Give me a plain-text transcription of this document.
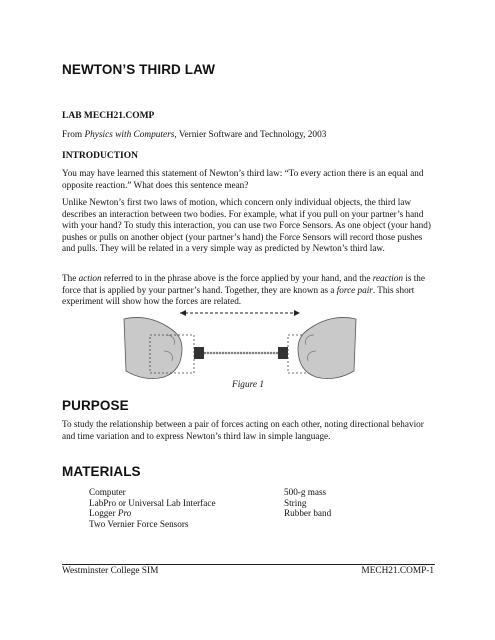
NEWTON’S THIRD LAW
LAB MECH21.COMP
From Physics with Computers, Vernier Software and Technology, 2003
INTRODUCTION
You may have learned this statement of Newton’s third law: “To every action there is an equal and opposite reaction.” What does this sentence mean?
Unlike Newton’s first two laws of motion, which concern only individual objects, the third law describes an interaction between two bodies. For example, what if you pull on your partner’s hand with your hand? To study this interaction, you can use two Force Sensors. As one object (your hand) pushes or pulls on another object (your partner’s hand) the Force Sensors will record those pushes and pulls. They will be related in a very simple way as predicted by Newton’s third law.
The action referred to in the phrase above is the force applied by your hand, and the reaction is the force that is applied by your partner’s hand. Together, they are known as a force pair. This short experiment will show how the forces are related.
Figure 1
PURPOSE
To study the relationship between a pair of forces acting on each other, noting directional behavior and time variation and to express Newton’s third law in simple language.
MATERIALS
Computer
LabPro or Universal Lab Interface
Logger Pro
Two Vernier Force Sensors
500-g mass
String
Rubber band
Westminster College SIM	MECH21.COMP-1
